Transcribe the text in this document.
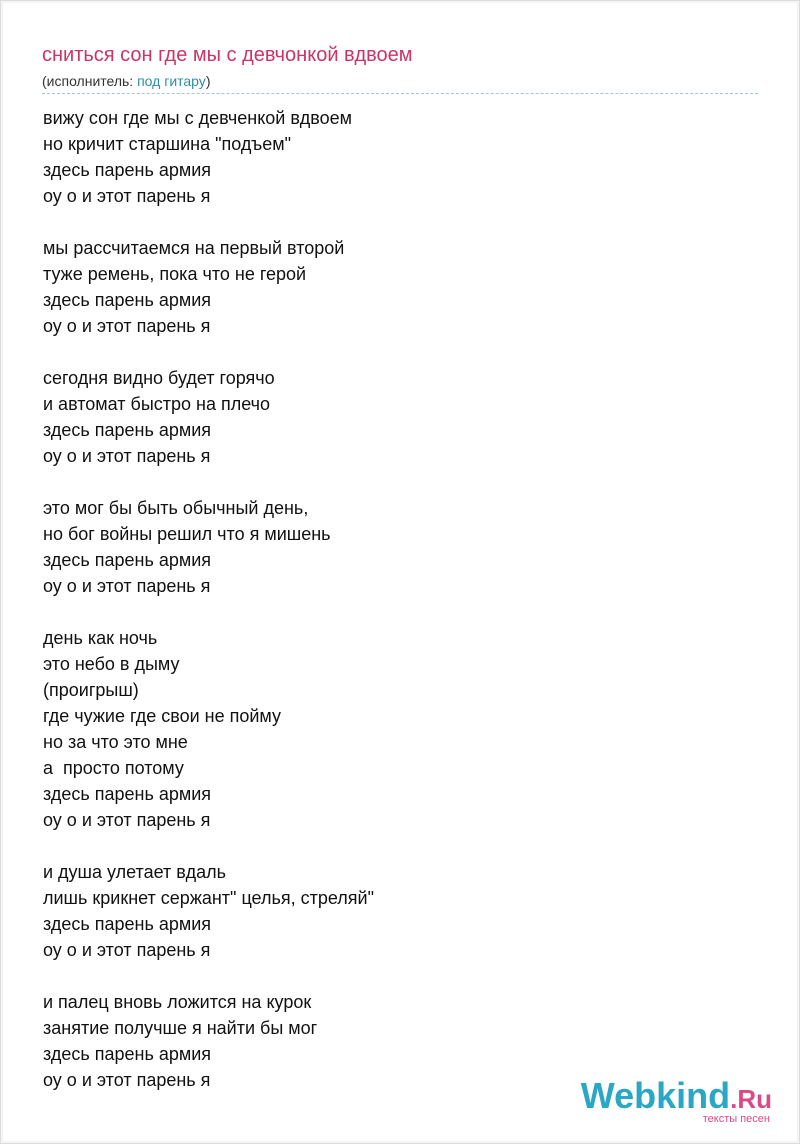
сниться сон где мы с девчонкой вдвоем
(исполнитель: под гитару)
вижу сон где мы с девченкой вдвоем
но кричит старшина "подъем"
здесь парень армия
оу о и этот парень я
мы рассчитаемся на первый второй
туже ремень, пока что не герой
здесь парень армия
оу о и этот парень я
сегодня видно будет горячо
и автомат быстро на плечо
здесь парень армия
оу о и этот парень я
это мог бы быть обычный день,
но бог войны решил что я мишень
здесь парень армия
оу о и этот парень я
день как ночь
это небо в дыму
(проигрыш)
где чужие где свои не пойму
но за что это мне
а  просто потому
здесь парень армия
оу о и этот парень я
и душа улетает вдаль
лишь крикнет сержант" целья, стреляй"
здесь парень армия
оу о и этот парень я
и палец вновь ложится на курок
занятие получше я найти бы мог
здесь парень армия
оу о и этот парень я	Webkind.Ru
тексты песен
